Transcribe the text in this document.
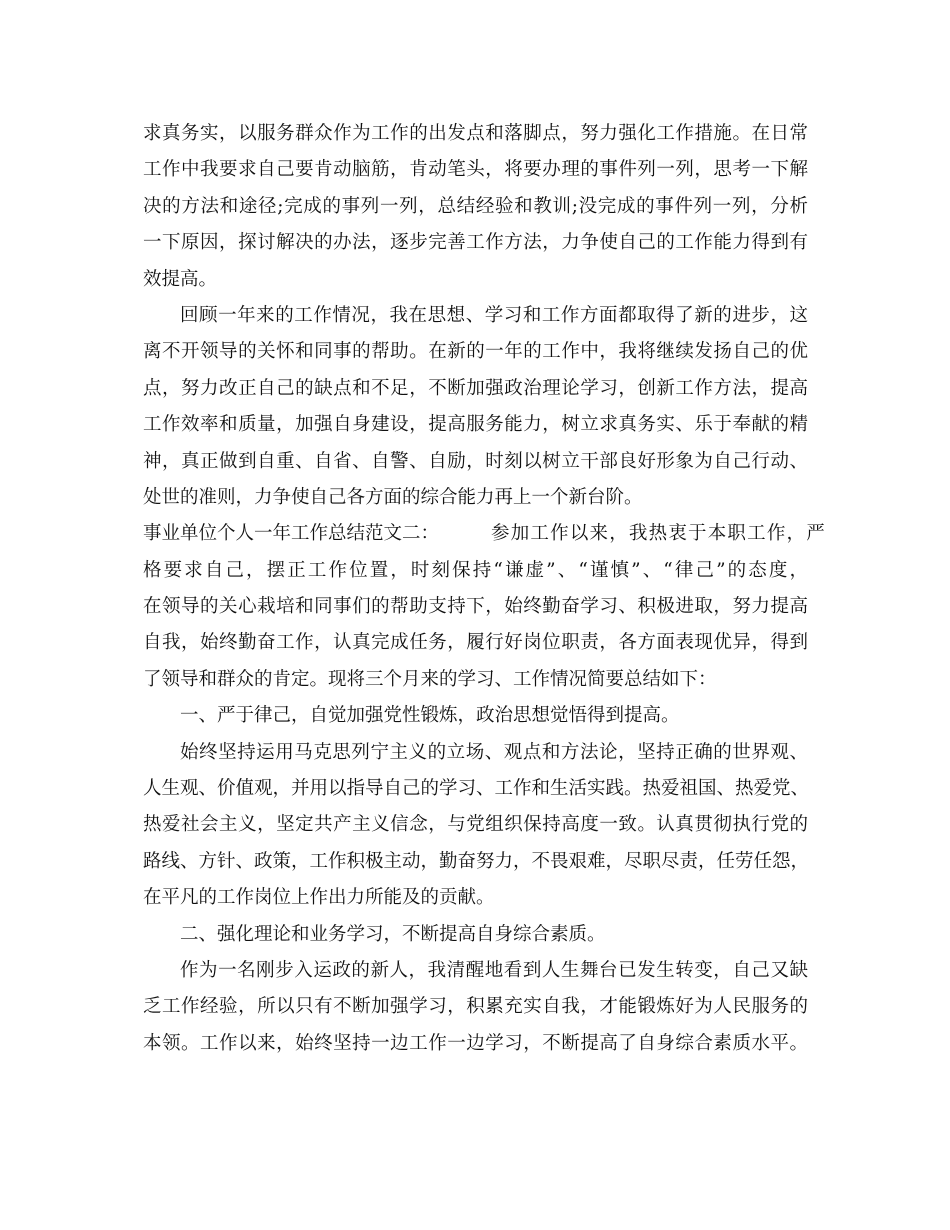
求真务实，以服务群众作为工作的出发点和落脚点，努力强化工作措施。在日常
工作中我要求自己要肯动脑筋，肯动笔头，将要办理的事件列一列，思考一下解
决的方法和途径;完成的事列一列，总结经验和教训;没完成的事件列一列，分析
一下原因，探讨解决的办法，逐步完善工作方法，力争使自己的工作能力得到有
效提高。
回顾一年来的工作情况，我在思想、学习和工作方面都取得了新的进步，这
离不开领导的关怀和同事的帮助。在新的一年的工作中，我将继续发扬自己的优
点，努力改正自己的缺点和不足，不断加强政治理论学习，创新工作方法，提高
工作效率和质量，加强自身建设，提高服务能力，树立求真务实、乐于奉献的精
神，真正做到自重、自省、自警、自励，时刻以树立干部良好形象为自己行动、
处世的准则，力争使自己各方面的综合能力再上一个新台阶。
事业单位个人一年工作总结范文二：	参加工作以来，我热衷于本职工作，严
格要求自己，摆正工作位置，时刻保持“谦虚”、“谨慎”、“律己”的态度，
在领导的关心栽培和同事们的帮助支持下，始终勤奋学习、积极进取，努力提高
自我，始终勤奋工作，认真完成任务，履行好岗位职责，各方面表现优异，得到
了领导和群众的肯定。现将三个月来的学习、工作情况简要总结如下：
一、严于律己，自觉加强党性锻炼，政治思想觉悟得到提高。
始终坚持运用马克思列宁主义的立场、观点和方法论，坚持正确的世界观、
人生观、价值观，并用以指导自己的学习、工作和生活实践。热爱祖国、热爱党、
热爱社会主义，坚定共产主义信念，与党组织保持高度一致。认真贯彻执行党的
路线、方针、政策，工作积极主动，勤奋努力，不畏艰难，尽职尽责，任劳任怨，
在平凡的工作岗位上作出力所能及的贡献。
二、强化理论和业务学习，不断提高自身综合素质。
作为一名刚步入运政的新人，我清醒地看到人生舞台已发生转变，自己又缺
乏工作经验，所以只有不断加强学习，积累充实自我，才能锻炼好为人民服务的
本领。工作以来，始终坚持一边工作一边学习，不断提高了自身综合素质水平。
